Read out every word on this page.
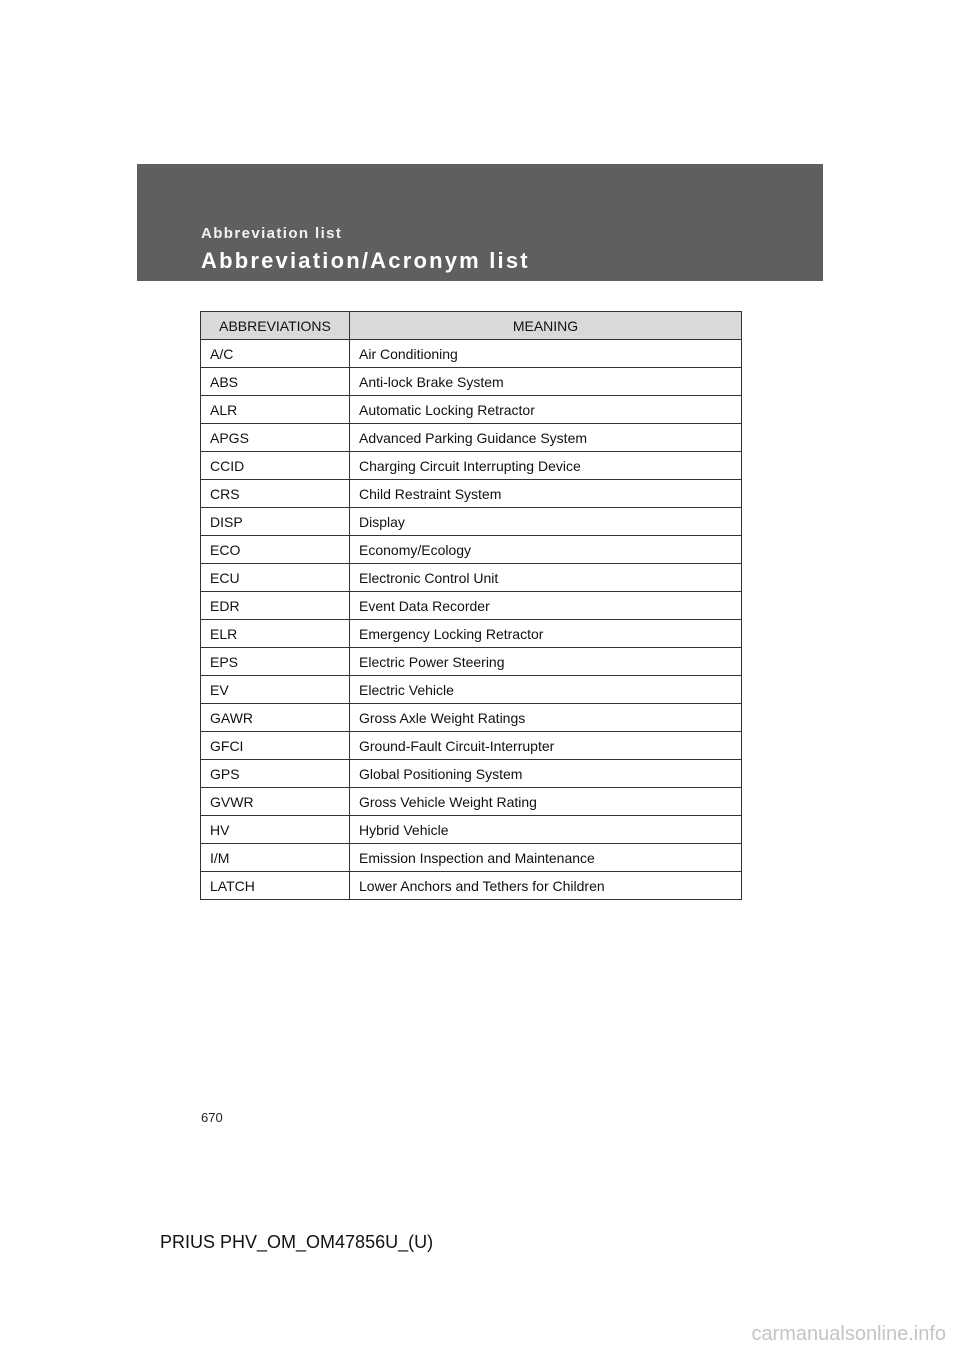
Abbreviation list
Abbreviation/Acronym list
ABBREVIATIONS	MEANING
A/C	Air Conditioning
ABS	Anti-lock Brake System
ALR	Automatic Locking Retractor
APGS	Advanced Parking Guidance System
CCID	Charging Circuit Interrupting Device
CRS	Child Restraint System
DISP	Display
ECO	Economy/Ecology
ECU	Electronic Control Unit
EDR	Event Data Recorder
ELR	Emergency Locking Retractor
EPS	Electric Power Steering
EV	Electric Vehicle
GAWR	Gross Axle Weight Ratings
GFCI	Ground-Fault Circuit-Interrupter
GPS	Global Positioning System
GVWR	Gross Vehicle Weight Rating
HV	Hybrid Vehicle
I/M	Emission Inspection and Maintenance
LATCH	Lower Anchors and Tethers for Children
670
PRIUS PHV_OM_OM47856U_(U)
carmanualsonline.info
